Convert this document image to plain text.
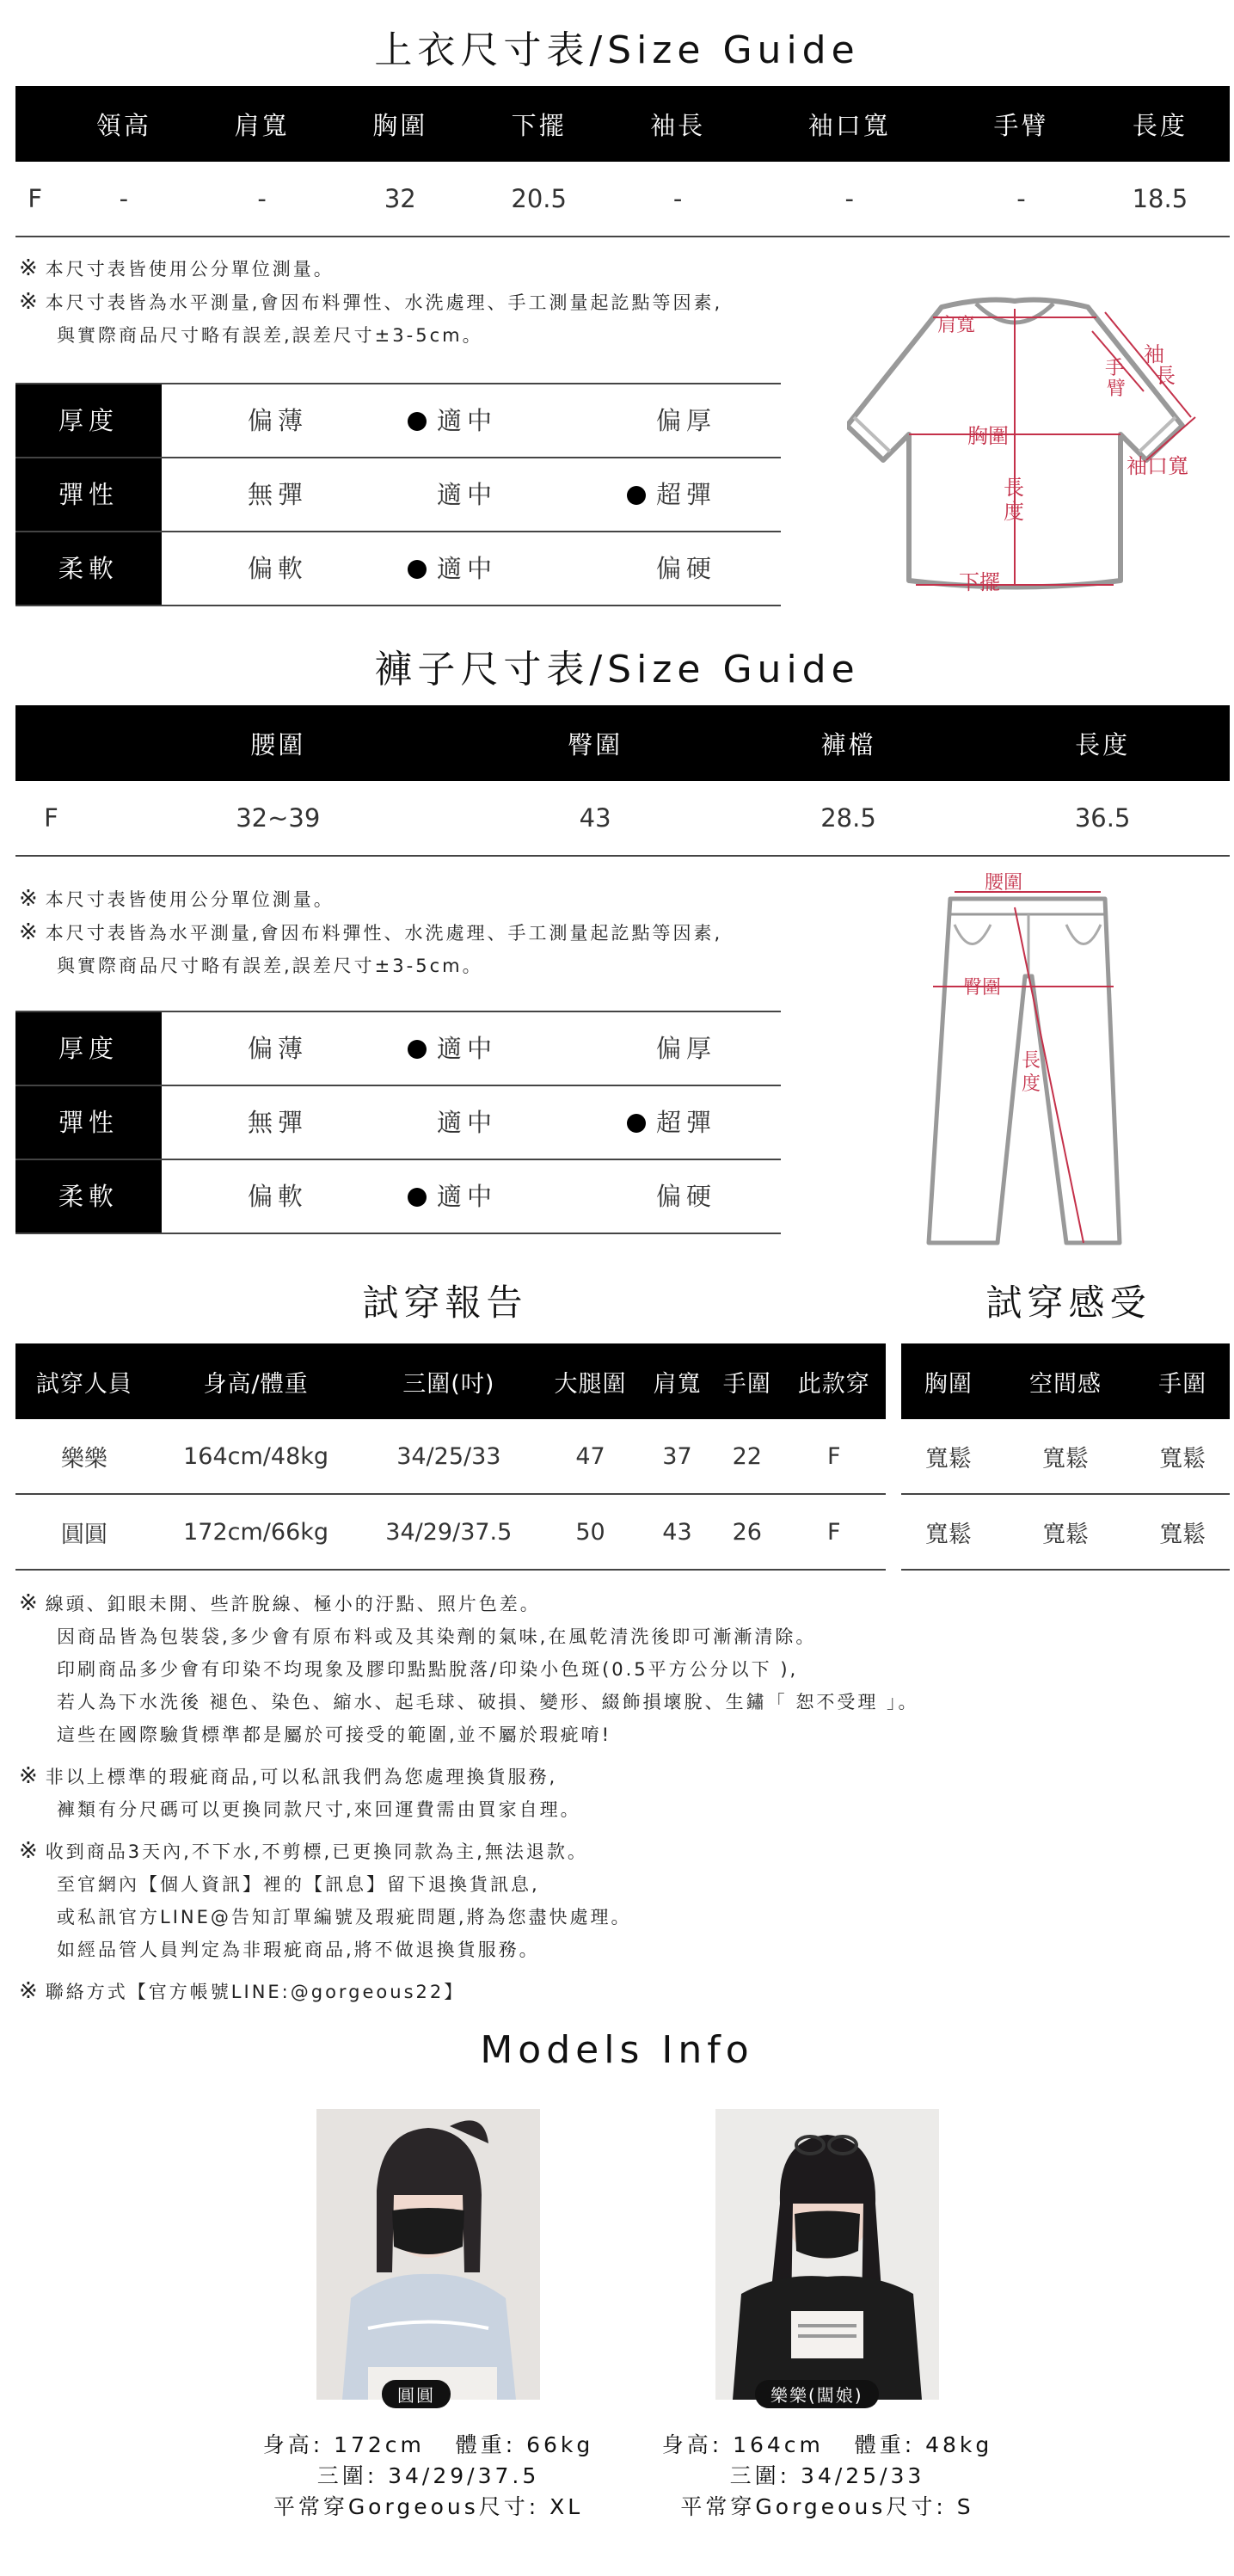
上衣尺寸表/Size Guide
	領高	肩寬	胸圍	下擺	袖長	袖口寬	手臂	長度
F	-	-	32	20.5	-	-	-	18.5
※ 本尺寸表皆使用公分單位測量。
※ 本尺寸表皆為水平測量,會因布料彈性、水洗處理、手工測量起訖點等因素,
與實際商品尺寸略有誤差,誤差尺寸±3-5cm。
厚度	偏薄	適中	偏厚
彈性	無彈	適中	超彈
柔軟	偏軟	適中	偏硬
肩寬
胸圍
長
度
下擺
袖
長
手
臂
袖口寬
褲子尺寸表/Size Guide
	腰圍	臀圍	褲檔	長度
F	32~39	43	28.5	36.5
※ 本尺寸表皆使用公分單位測量。
※ 本尺寸表皆為水平測量,會因布料彈性、水洗處理、手工測量起訖點等因素,
與實際商品尺寸略有誤差,誤差尺寸±3-5cm。
厚度	偏薄	適中	偏厚
彈性	無彈	適中	超彈
柔軟	偏軟	適中	偏硬
腰圍
臀圍
長
度
試穿報告	試穿感受
試穿人員	身高/體重	三圍(吋)	大腿圍	肩寬	手圍	此款穿
樂樂	164cm/48kg	34/25/33	47	37	22	F
圓圓	172cm/66kg	34/29/37.5	50	43	26	F
胸圍	空間感	手圍
寬鬆	寬鬆	寬鬆
寬鬆	寬鬆	寬鬆
※ 線頭、釦眼未開、些許脫線、極小的汙點、照片色差。
因商品皆為包裝袋,多少會有原布料或及其染劑的氣味,在風乾清洗後即可漸漸清除。
印刷商品多少會有印染不均現象及膠印點點脫落/印染小色斑(0.5平方公分以下 ),
若人為下水洗後 褪色、染色、縮水、起毛球、破損、變形、綴飾損壞脫、生鏽「 恕不受理 」。
這些在國際驗貨標準都是屬於可接受的範圍,並不屬於瑕疵唷!
※ 非以上標準的瑕疵商品,可以私訊我們為您處理換貨服務,
褲類有分尺碼可以更換同款尺寸,來回運費需由買家自理。
※ 收到商品3天內,不下水,不剪標,已更換同款為主,無法退款。
至官網內【個人資訊】裡的【訊息】留下退換貨訊息,
或私訊官方LINE@告知訂單編號及瑕疵問題,將為您盡快處理。
如經品管人員判定為非瑕疵商品,將不做退換貨服務。
※ 聯絡方式【官方帳號LINE:@gorgeous22】
Models Info
圓圓	樂樂(闆娘)
身高: 172cm 體重: 66kg
三圍: 34/29/37.5
平常穿Gorgeous尺寸: XL
身高: 164cm 體重: 48kg
三圍: 34/25/33
平常穿Gorgeous尺寸: S
